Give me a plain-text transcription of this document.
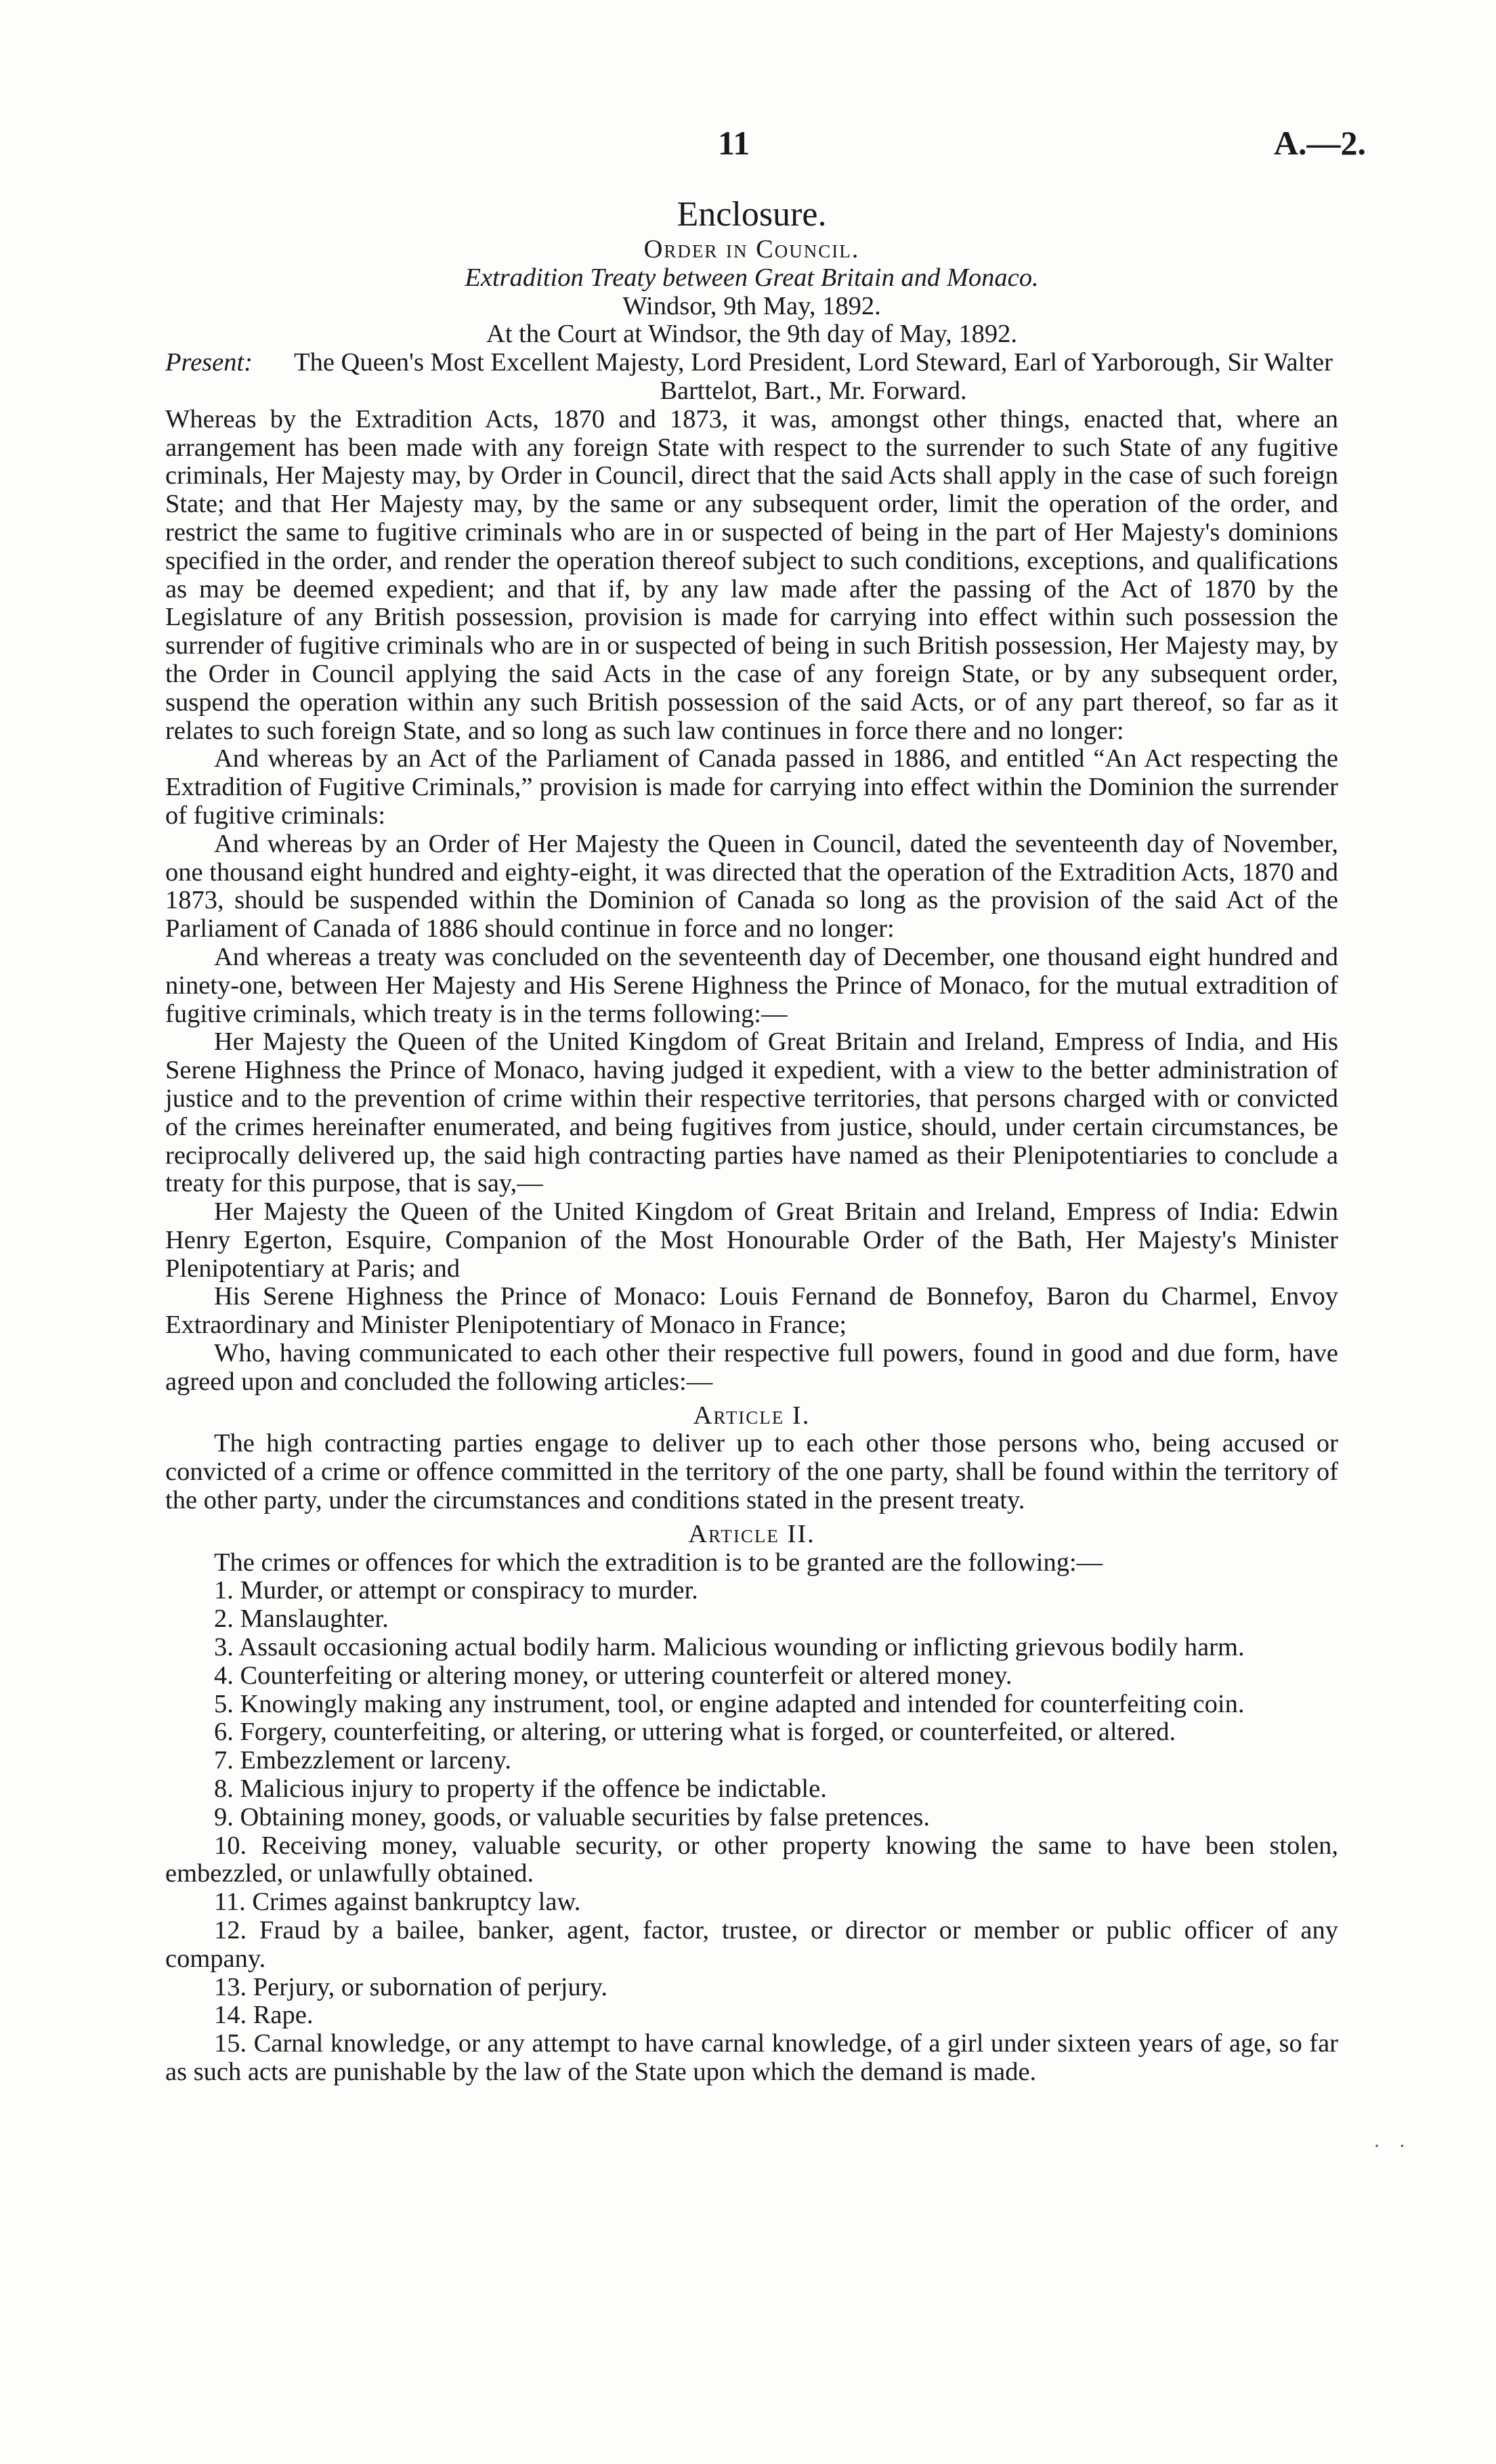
11	A.—2.
Enclosure.
Order in Council.
Extradition Treaty between Great Britain and Monaco.
Windsor, 9th May, 1892.
At the Court at Windsor, the 9th day of May, 1892.
Present: The Queen's Most Excellent Majesty, Lord President, Lord Steward, Earl of Yarborough, Sir Walter Barttelot, Bart., Mr. Forward.

Whereas by the Extradition Acts, 1870 and 1873, it was, amongst other things, enacted that, where an arrangement has been made with any foreign State with respect to the surrender to such State of any fugitive criminals, Her Majesty may, by Order in Council, direct that the said Acts shall apply in the case of such foreign State; and that Her Majesty may, by the same or any subsequent order, limit the operation of the order, and restrict the same to fugitive criminals who are in or suspected of being in the part of Her Majesty's dominions specified in the order, and render the operation thereof subject to such conditions, exceptions, and qualifications as may be deemed expedient; and that if, by any law made after the passing of the Act of 1870 by the Legislature of any British possession, provision is made for carrying into effect within such possession the surrender of fugitive criminals who are in or suspected of being in such British possession, Her Majesty may, by the Order in Council applying the said Acts in the case of any foreign State, or by any subsequent order, suspend the operation within any such British possession of the said Acts, or of any part thereof, so far as it relates to such foreign State, and so long as such law continues in force there and no longer:

And whereas by an Act of the Parliament of Canada passed in 1886, and entitled “An Act respecting the Extradition of Fugitive Criminals,” provision is made for carrying into effect within the Dominion the surrender of fugitive criminals:

And whereas by an Order of Her Majesty the Queen in Council, dated the seventeenth day of November, one thousand eight hundred and eighty-eight, it was directed that the operation of the Extradition Acts, 1870 and 1873, should be suspended within the Dominion of Canada so long as the provision of the said Act of the Parliament of Canada of 1886 should continue in force and no longer:

And whereas a treaty was concluded on the seventeenth day of December, one thousand eight hundred and ninety-one, between Her Majesty and His Serene Highness the Prince of Monaco, for the mutual extradition of fugitive criminals, which treaty is in the terms following:—

Her Majesty the Queen of the United Kingdom of Great Britain and Ireland, Empress of India, and His Serene Highness the Prince of Monaco, having judged it expedient, with a view to the better administration of justice and to the prevention of crime within their respective territories, that persons charged with or convicted of the crimes hereinafter enumerated, and being fugitives from justice, should, under certain circumstances, be reciprocally delivered up, the said high contracting parties have named as their Plenipotentiaries to conclude a treaty for this purpose, that is say,—

Her Majesty the Queen of the United Kingdom of Great Britain and Ireland, Empress of India: Edwin Henry Egerton, Esquire, Companion of the Most Honourable Order of the Bath, Her Majesty's Minister Plenipotentiary at Paris; and

His Serene Highness the Prince of Monaco: Louis Fernand de Bonnefoy, Baron du Charmel, Envoy Extraordinary and Minister Plenipotentiary of Monaco in France;

Who, having communicated to each other their respective full powers, found in good and due form, have agreed upon and concluded the following articles:—

Article I.

The high contracting parties engage to deliver up to each other those persons who, being accused or convicted of a crime or offence committed in the territory of the one party, shall be found within the territory of the other party, under the circumstances and conditions stated in the present treaty.

Article II.

The crimes or offences for which the extradition is to be granted are the following:—

1. Murder, or attempt or conspiracy to murder.

2. Manslaughter.

3. Assault occasioning actual bodily harm. Malicious wounding or inflicting grievous bodily harm.

4. Counterfeiting or altering money, or uttering counterfeit or altered money.

5. Knowingly making any instrument, tool, or engine adapted and intended for counterfeiting coin.

6. Forgery, counterfeiting, or altering, or uttering what is forged, or counterfeited, or altered.

7. Embezzlement or larceny.

8. Malicious injury to property if the offence be indictable.

9. Obtaining money, goods, or valuable securities by false pretences.

10. Receiving money, valuable security, or other property knowing the same to have been stolen, embezzled, or unlawfully obtained.

11. Crimes against bankruptcy law.

12. Fraud by a bailee, banker, agent, factor, trustee, or director or member or public officer of any company.

13. Perjury, or subornation of perjury.

14. Rape.

15. Carnal knowledge, or any attempt to have carnal knowledge, of a girl under sixteen years of age, so far as such acts are punishable by the law of the State upon which the demand is made.

· ·
